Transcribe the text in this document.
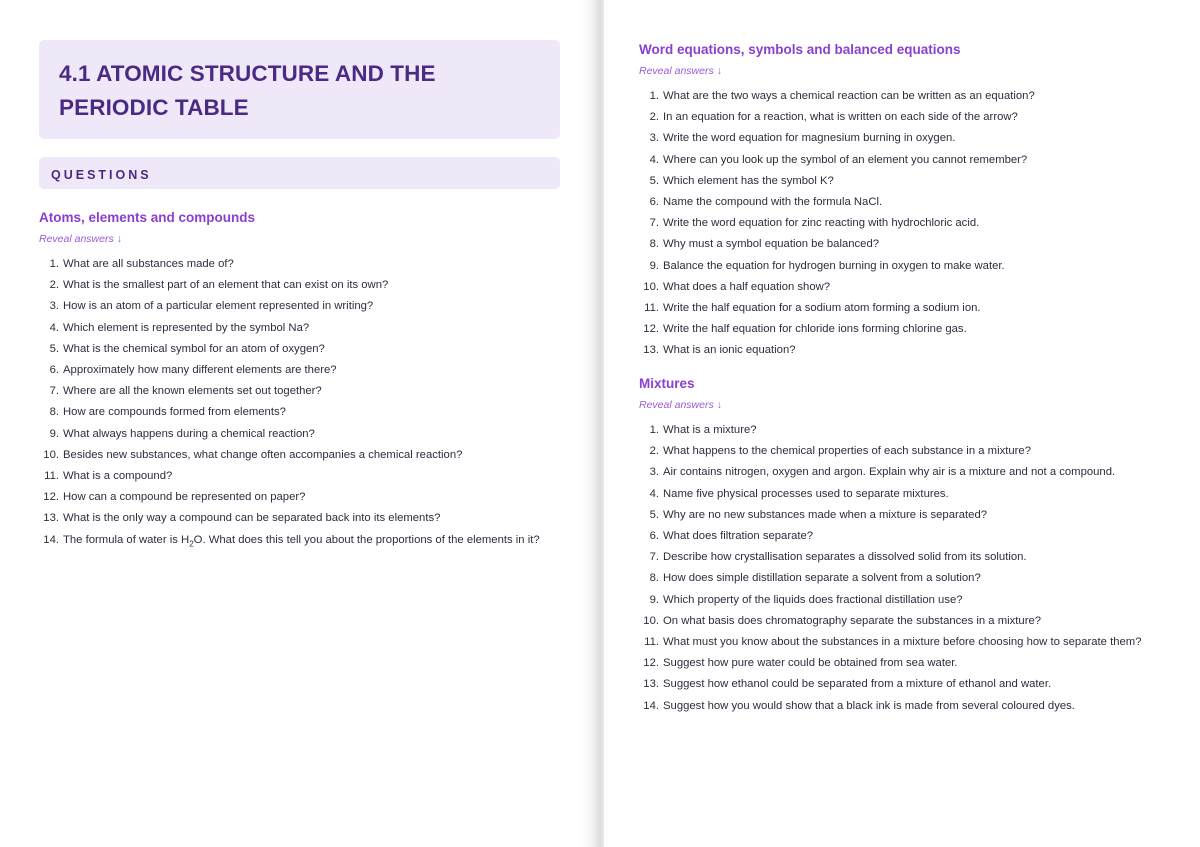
4.1 ATOMIC STRUCTURE AND THE PERIODIC TABLE
QUESTIONS
Atoms, elements and compounds
Reveal answers ↓
1. What are all substances made of?
2. What is the smallest part of an element that can exist on its own?
3. How is an atom of a particular element represented in writing?
4. Which element is represented by the symbol Na?
5. What is the chemical symbol for an atom of oxygen?
6. Approximately how many different elements are there?
7. Where are all the known elements set out together?
8. How are compounds formed from elements?
9. What always happens during a chemical reaction?
10. Besides new substances, what change often accompanies a chemical reaction?
11. What is a compound?
12. How can a compound be represented on paper?
13. What is the only way a compound can be separated back into its elements?
14. The formula of water is $H_2O$. What does this tell you about the proportions of the elements in it?
Word equations, symbols and balanced equations
Reveal answers ↓
1. What are the two ways a chemical reaction can be written as an equation?
2. In an equation for a reaction, what is written on each side of the arrow?
3. Write the word equation for magnesium burning in oxygen.
4. Where can you look up the symbol of an element you cannot remember?
5. Which element has the symbol K?
6. Name the compound with the formula NaCl.
7. Write the word equation for zinc reacting with hydrochloric acid.
8. Why must a symbol equation be balanced?
9. Balance the equation for hydrogen burning in oxygen to make water.
10. What does a half equation show?
11. Write the half equation for a sodium atom forming a sodium ion.
12. Write the half equation for chloride ions forming chlorine gas.
13. What is an ionic equation?
Mixtures
Reveal answers ↓
1. What is a mixture?
2. What happens to the chemical properties of each substance in a mixture?
3. Air contains nitrogen, oxygen and argon. Explain why air is a mixture and not a compound.
4. Name five physical processes used to separate mixtures.
5. Why are no new substances made when a mixture is separated?
6. What does filtration separate?
7. Describe how crystallisation separates a dissolved solid from its solution.
8. How does simple distillation separate a solvent from a solution?
9. Which property of the liquids does fractional distillation use?
10. On what basis does chromatography separate the substances in a mixture?
11. What must you know about the substances in a mixture before choosing how to separate them?
12. Suggest how pure water could be obtained from sea water.
13. Suggest how ethanol could be separated from a mixture of ethanol and water.
14. Suggest how you would show that a black ink is made from several coloured dyes.
